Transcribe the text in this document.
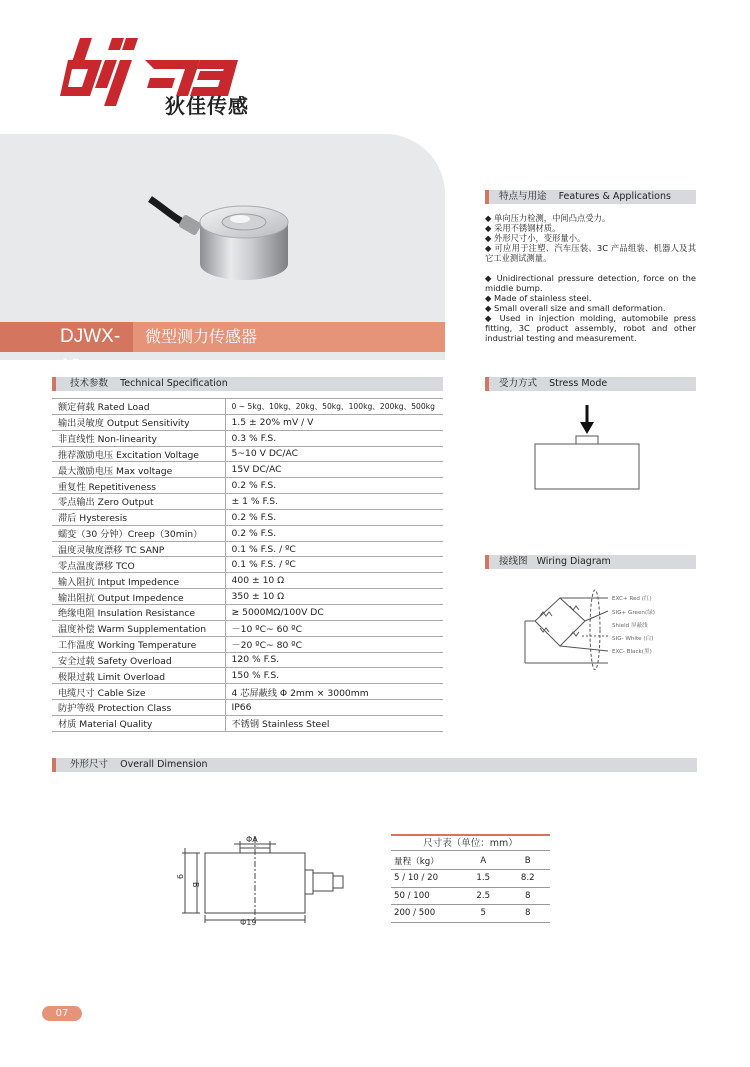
狄佳传感
DJWX-19
微型测力传感器
特点与用途 Features & Applications

◆ 单向压力检测，中间凸点受力。

◆ 采用不锈钢材质。

◆ 外形尺寸小，变形量小。

◆ 可应用于注塑、汽车压装、3C 产品组装、机器人及其它工业测试测量。

◆ Unidirectional pressure detection, force on the middle bump.

◆ Made of stainless steel.

◆ Small overall size and small deformation.

◆ Used in injection molding, automobile press fitting, 3C product assembly, robot and other industrial testing and measurement.

技术参数 Technical Specification
额定荷载 Rated Load	0 ~ 5kg、10kg、20kg、50kg、100kg、200kg、500kg
输出灵敏度 Output Sensitivity	1.5 ± 20% mV / V
非直线性 Non-linearity	0.3 % F.S.
推荐激励电压 Excitation Voltage	5~10 V DC/AC
最大激励电压 Max voltage	15V DC/AC
重复性 Repetitiveness	0.2 % F.S.
零点输出 Zero Output	± 1 % F.S.
滞后 Hysteresis	0.2 % F.S.
蠕变（30 分钟）Creep（30min）	0.2 % F.S.
温度灵敏度漂移 TC SANP	0.1 % F.S. / ºC
零点温度漂移 TCO	0.1 % F.S. / ºC
输入阻抗 Intput Impedence	400 ± 10 Ω
输出阻抗 Output Impedence	350 ± 10 Ω
绝缘电阻 Insulation Resistance	≥ 5000MΩ/100V DC
温度补偿 Warm Supplementation	－10 ºC~ 60 ºC
工作温度 Working Temperature	－20 ºC~ 80 ºC
安全过载 Safety Overload	120 % F.S.
极限过载 Limit Overload	150 % F.S.
电缆尺寸 Cable Size	4 芯屏蔽线 Φ 2mm × 3000mm
防护等级 Protection Class	IP66
材质 Material Quality	不锈钢 Stainless Steel
受力方式 Stress Mode
接线图 Wiring Diagram
EXC+ Red (红)
SIG+ Green(绿)
Shield 屏蔽线
SIG- White (白)
EXC- Black(黑)
外形尺寸 Overall Dimension
ΦA
Φ19
9
B
尺寸表（单位：mm）
量程（kg）	A	B
5 / 10 / 20	1.5	8.2
50 / 100	2.5	8
200 / 500	5	8
07
